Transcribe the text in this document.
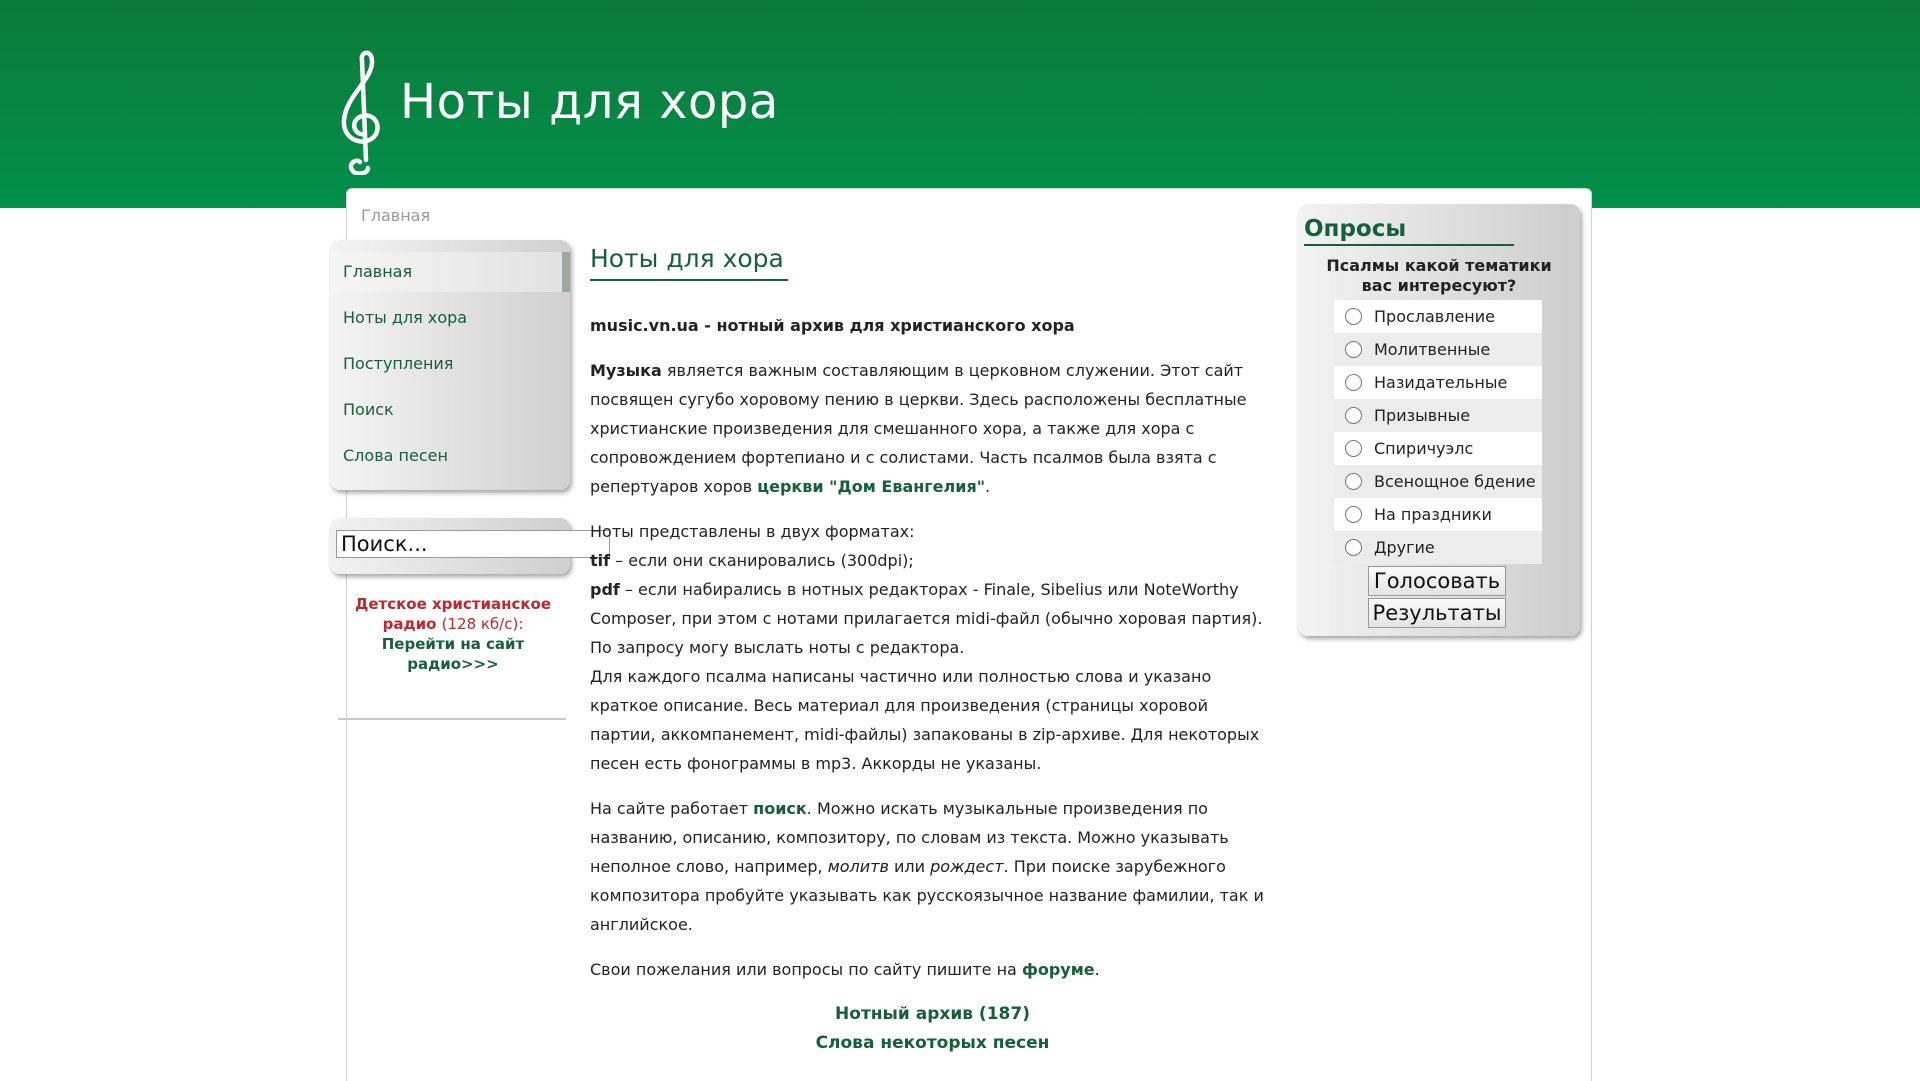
Ноты для хора
Главная
Главная
Ноты для хора
Поступления
Поиск
Слова песен
Поиск...
Детское христианское радио (128 кб/с):
Перейти на сайт радио>>>
Ноты для хора

music.vn.ua - нотный архив для христианского хора

Музыка является важным составляющим в церковном служении. Этот сайт посвящен сугубо хоровому пению в церкви. Здесь расположены бесплатные христианские произведения для смешанного хора, а также для хора с сопровождением фортепиано и с солистами. Часть псалмов была взята с репертуаров хоров церкви "Дом Евангелия".

Ноты представлены в двух форматах:
tif – если они сканировались (300dpi);
pdf – если набирались в нотных редакторах - Finale, Sibelius или NoteWorthy Composer, при этом с нотами прилагается midi-файл (обычно хоровая партия). По запросу могу выслать ноты с редактора.
Для каждого псалма написаны частично или полностью слова и указано краткое описание. Весь материал для произведения (страницы хоровой партии, аккомпанемент, midi-файлы) запакованы в zip-архиве. Для некоторых песен есть фонограммы в mp3. Аккорды не указаны.

На сайте работает поиск. Можно искать музыкальные произведения по названию, описанию, композитору, по словам из текста. Можно указывать неполное слово, например, молитв или рождест. При поиске зарубежного композитора пробуйте указывать как русскоязычное название фамилии, так и английское.

Свои пожелания или вопросы по сайту пишите на форуме.

Нотный архив (187)
Слова некоторых песен
Опросы
Псалмы какой тематики вас интересуют?
Прославление
Молитвенные
Назидательные
Призывные
Спиричуэлс
Всенощное бдение
На праздники
Другие
Голосовать
Результаты
